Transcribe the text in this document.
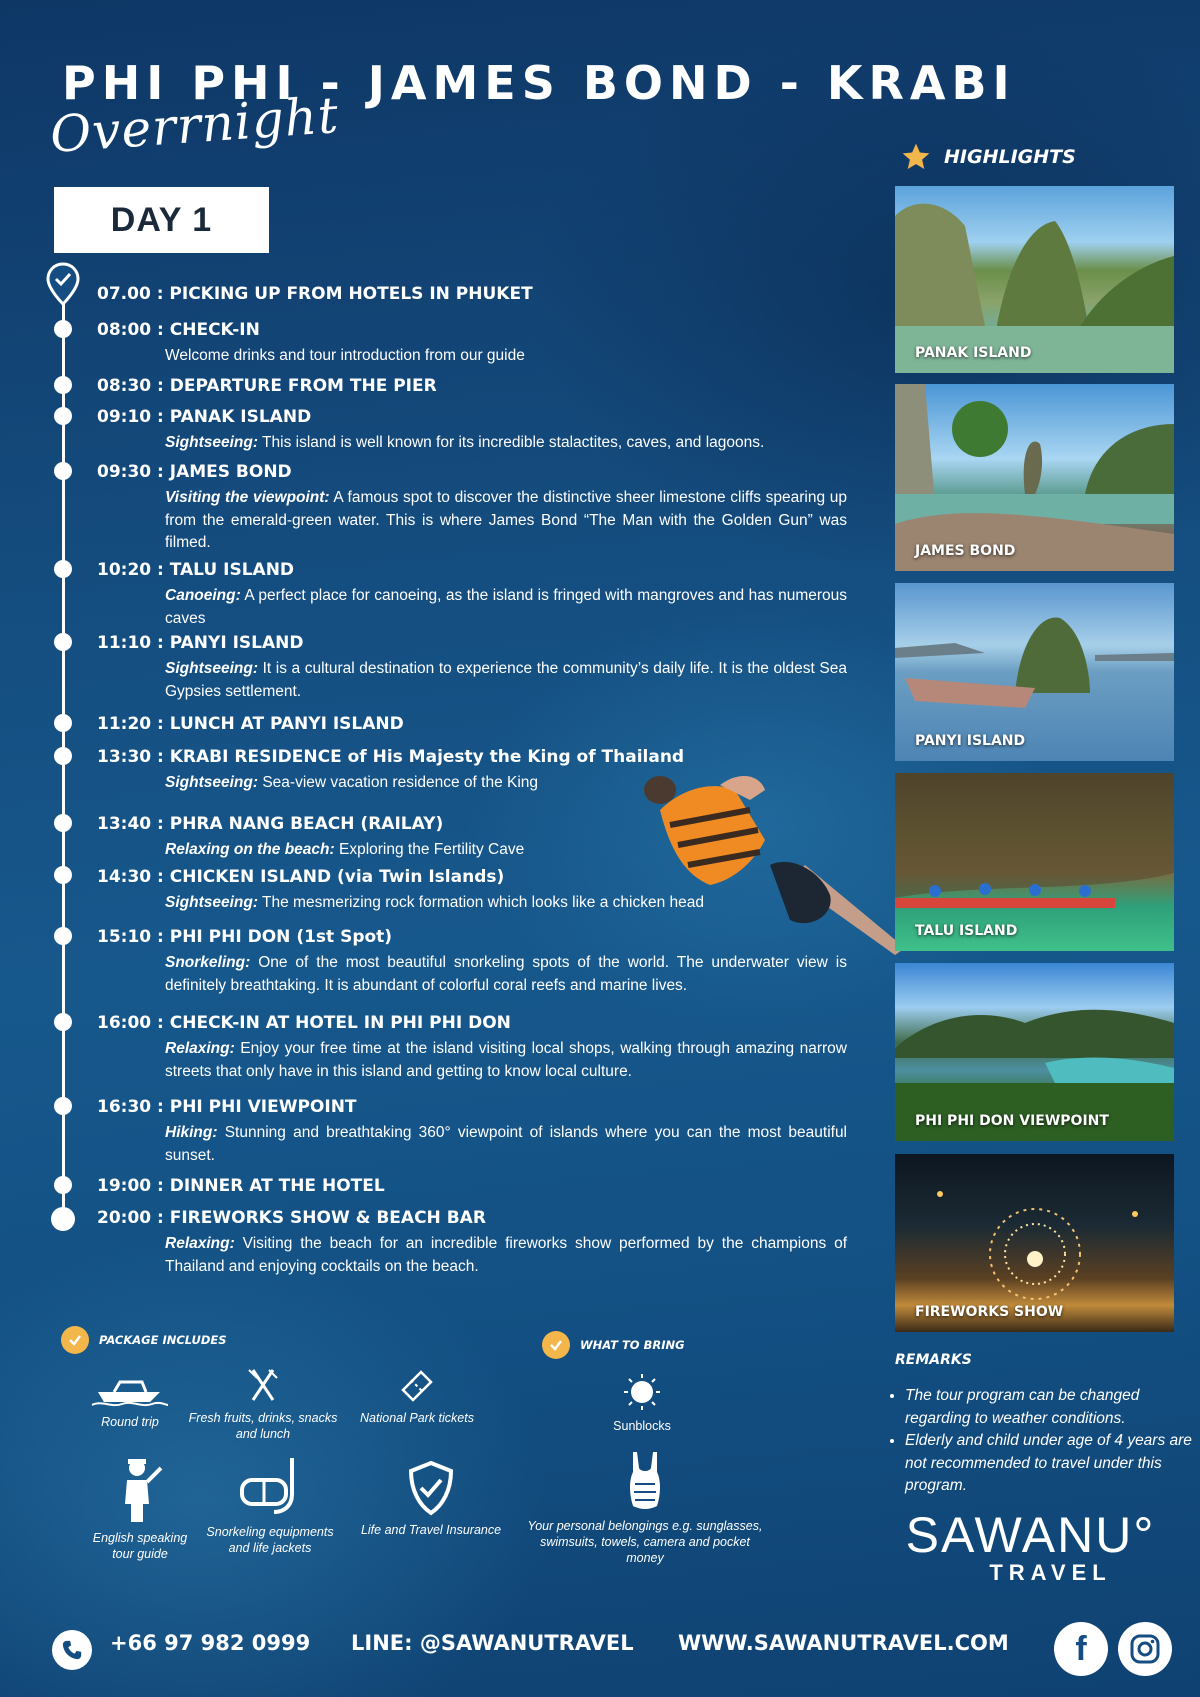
PHI PHI - JAMES BOND - KRABI
Overrnight
DAY 1
07.00 : PICKING UP FROM HOTELS IN PHUKET
08:00 : CHECK-IN
Welcome drinks and tour introduction from our guide
08:30 : DEPARTURE FROM THE PIER
09:10 : PANAK ISLAND
Sightseeing: This island is well known for its incredible stalactites, caves, and lagoons.
09:30 : JAMES BOND
Visiting the viewpoint: A famous spot to discover the distinctive sheer limestone cliffs spearing up from the emerald-green water. This is where James Bond “The Man with the Golden Gun” was filmed.
10:20 : TALU ISLAND
Canoeing: A perfect place for canoeing, as the island is fringed with mangroves and has numerous caves
11:10 : PANYI ISLAND
Sightseeing: It is a cultural destination to experience the community’s daily life. It is the oldest Sea Gypsies settlement.
11:20 : LUNCH AT PANYI ISLAND
13:30 : KRABI RESIDENCE of His Majesty the King of Thailand
Sightseeing: Sea-view vacation residence of the King
13:40 : PHRA NANG BEACH (RAILAY)
Relaxing on the beach: Exploring the Fertility Cave
14:30 : CHICKEN ISLAND (via Twin Islands)
Sightseeing: The mesmerizing rock formation which looks like a chicken head
15:10 : PHI PHI DON (1st Spot)
Snorkeling: One of the most beautiful snorkeling spots of the world. The underwater view is definitely breathtaking. It is abundant of colorful coral reefs and marine lives.
16:00 : CHECK-IN AT HOTEL IN PHI PHI DON
Relaxing: Enjoy your free time at the island visiting local shops, walking through amazing narrow streets that only have in this island and getting to know local culture.
16:30 : PHI PHI VIEWPOINT
Hiking: Stunning and breathtaking 360° viewpoint of islands where you can the most beautiful sunset.
19:00 : DINNER AT THE HOTEL
20:00 : FIREWORKS SHOW & BEACH BAR
Relaxing: Visiting the beach for an incredible fireworks show performed by the champions of Thailand and enjoying cocktails on the beach.
HIGHLIGHTS
PANAK ISLAND
JAMES BOND
PANYI ISLAND
TALU ISLAND
PHI PHI DON VIEWPOINT
FIREWORKS SHOW
REMARKS
• The tour program can be changed regarding to weather conditions.
• Elderly and child under age of 4 years are not recommended to travel under this program.
SAWANU°
TRAVEL
PACKAGE INCLUDES
Round trip	Fresh fruits, drinks, snacks and lunch
National Park tickets
English speaking tour guide
Snorkeling equipments and life jackets
Life and Travel Insurance
WHAT TO BRING
Sunblocks
Your personal belongings e.g. sunglasses, swimsuits, towels, camera and pocket money
+66 97 982 0999 LINE: @SAWANUTRAVEL WWW.SAWANUTRAVEL.COM f
